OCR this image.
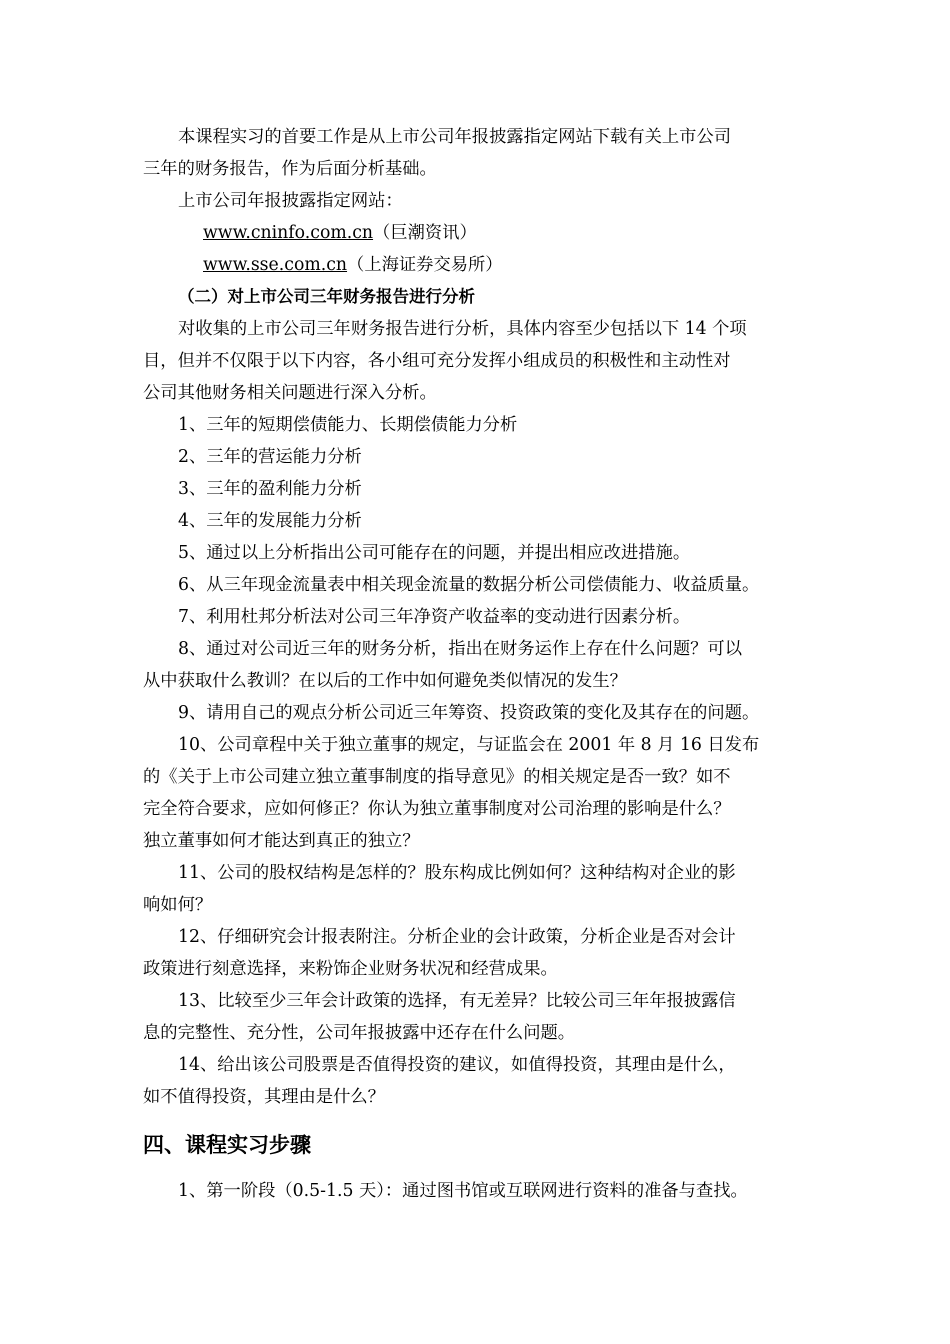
本课程实习的首要工作是从上市公司年报披露指定网站下载有关上市公司
三年的财务报告，作为后面分析基础。
上市公司年报披露指定网站：
www.cninfo.com.cn（巨潮资讯）
www.sse.com.cn（上海证券交易所）
（二）对上市公司三年财务报告进行分析
对收集的上市公司三年财务报告进行分析，具体内容至少包括以下 14 个项
目，但并不仅限于以下内容，各小组可充分发挥小组成员的积极性和主动性对
公司其他财务相关问题进行深入分析。
1、三年的短期偿债能力、长期偿债能力分析
2、三年的营运能力分析
3、三年的盈利能力分析
4、三年的发展能力分析
5、通过以上分析指出公司可能存在的问题，并提出相应改进措施。
6、从三年现金流量表中相关现金流量的数据分析公司偿债能力、收益质量。
7、利用杜邦分析法对公司三年净资产收益率的变动进行因素分析。
8、通过对公司近三年的财务分析，指出在财务运作上存在什么问题？可以
从中获取什么教训？在以后的工作中如何避免类似情况的发生？
9、请用自己的观点分析公司近三年筹资、投资政策的变化及其存在的问题。
10、公司章程中关于独立董事的规定，与证监会在 2001 年 8 月 16 日发布
的《关于上市公司建立独立董事制度的指导意见》的相关规定是否一致？如不
完全符合要求，应如何修正？你认为独立董事制度对公司治理的影响是什么？
独立董事如何才能达到真正的独立？
11、公司的股权结构是怎样的？股东构成比例如何？这种结构对企业的影
响如何？
12、仔细研究会计报表附注。分析企业的会计政策，分析企业是否对会计
政策进行刻意选择，来粉饰企业财务状况和经营成果。
13、比较至少三年会计政策的选择，有无差异？比较公司三年年报披露信
息的完整性、充分性，公司年报披露中还存在什么问题。
14、给出该公司股票是否值得投资的建议，如值得投资，其理由是什么，
如不值得投资，其理由是什么？
四、课程实习步骤
1、第一阶段（0.5-1.5 天）：通过图书馆或互联网进行资料的准备与查找。
